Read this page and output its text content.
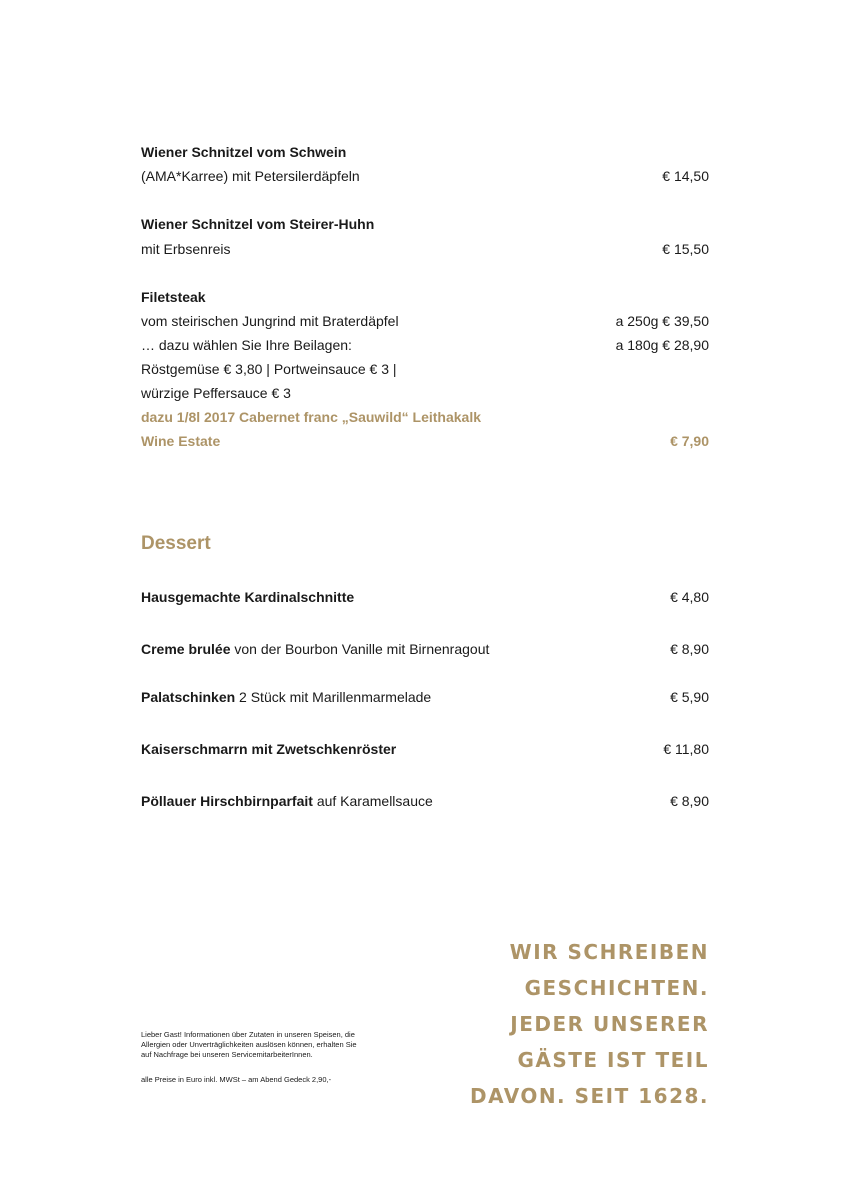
Wiener Schnitzel vom Schwein
(AMA*Karree) mit Petersilerdäpfeln	€ 14,50
Wiener Schnitzel vom Steirer-Huhn
mit Erbsenreis	€ 15,50
Filetsteak
vom steirischen Jungrind mit Braterdäpfel	a 250g € 39,50
… dazu wählen Sie Ihre Beilagen:	a 180g € 28,90
Röstgemüse € 3,80 | Portweinsauce € 3 |
würzige Peffersauce € 3
dazu 1/8l 2017 Cabernet franc „Sauwild“ Leithakalk
Wine Estate	€ 7,90
Dessert
Hausgemachte Kardinalschnitte	€ 4,80
Creme brulée von der Bourbon Vanille mit Birnenragout	€ 8,90
Palatschinken 2 Stück mit Marillenmarmelade	€ 5,90
Kaiserschmarrn mit Zwetschkenröster	€ 11,80
Pöllauer Hirschbirnparfait auf Karamellsauce	€ 8,90
Lieber Gast! Informationen über Zutaten in unseren Speisen, die
Allergien oder Unverträglichkeiten auslösen können, erhalten Sie
auf Nachfrage bei unseren ServicemitarbeiterInnen.
alle Preise in Euro inkl. MWSt – am Abend Gedeck 2,90,-
WIR SCHREIBEN
GESCHICHTEN.
JEDER UNSERER
GÄSTE IST TEIL
DAVON. SEIT 1628.
